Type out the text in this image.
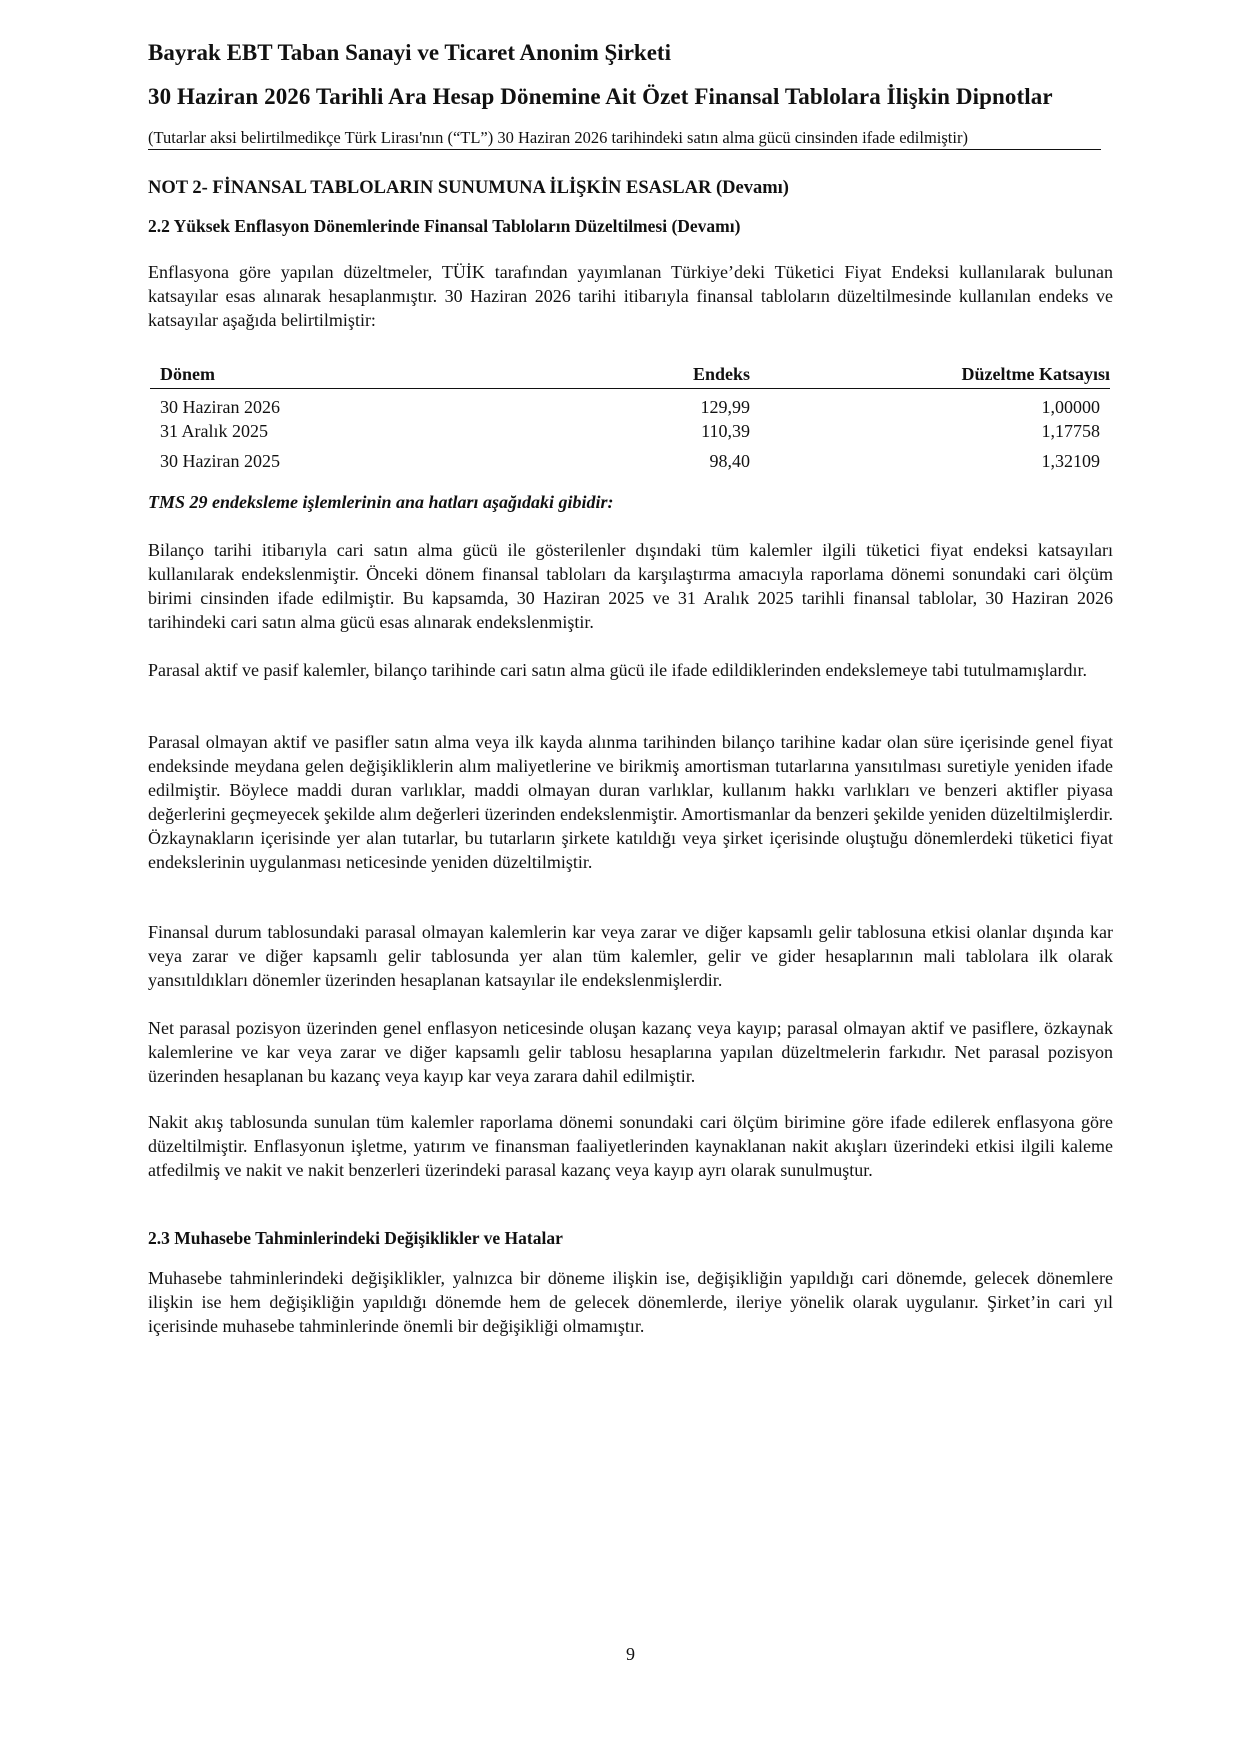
Bayrak EBT Taban Sanayi ve Ticaret Anonim Şirketi
30 Haziran 2026 Tarihli Ara Hesap Dönemine Ait Özet Finansal Tablolara İlişkin Dipnotlar
(Tutarlar aksi belirtilmedikçe Türk Lirası'nın (“TL”) 30 Haziran 2026 tarihindeki satın alma gücü cinsinden ifade edilmiştir)
NOT 2- FİNANSAL TABLOLARIN SUNUMUNA İLİŞKİN ESASLAR (Devamı)
2.2 Yüksek Enflasyon Dönemlerinde Finansal Tabloların Düzeltilmesi (Devamı)

Enflasyona göre yapılan düzeltmeler, TÜİK tarafından yayımlanan Türkiye’deki Tüketici Fiyat Endeksi kullanılarak bulunan katsayılar esas alınarak hesaplanmıştır. 30 Haziran 2026 tarihi itibarıyla finansal tabloların düzeltilmesinde kullanılan endeks ve katsayılar aşağıda belirtilmiştir:

Dönem	Endeks	Düzeltme Katsayısı
30 Haziran 2026	129,99	1,00000
31 Aralık 2025	110,39	1,17758
30 Haziran 2025	98,40	1,32109
TMS 29 endeksleme işlemlerinin ana hatları aşağıdaki gibidir:

Bilanço tarihi itibarıyla cari satın alma gücü ile gösterilenler dışındaki tüm kalemler ilgili tüketici fiyat endeksi katsayıları kullanılarak endekslenmiştir. Önceki dönem finansal tabloları da karşılaştırma amacıyla raporlama dönemi sonundaki cari ölçüm birimi cinsinden ifade edilmiştir. Bu kapsamda, 30 Haziran 2025 ve 31 Aralık 2025 tarihli finansal tablolar, 30 Haziran 2026 tarihindeki cari satın alma gücü esas alınarak endekslenmiştir.

Parasal aktif ve pasif kalemler, bilanço tarihinde cari satın alma gücü ile ifade edildiklerinden endekslemeye tabi tutulmamışlardır.

Parasal olmayan aktif ve pasifler satın alma veya ilk kayda alınma tarihinden bilanço tarihine kadar olan süre içerisinde genel fiyat endeksinde meydana gelen değişikliklerin alım maliyetlerine ve birikmiş amortisman tutarlarına yansıtılması suretiyle yeniden ifade edilmiştir. Böylece maddi duran varlıklar, maddi olmayan duran varlıklar, kullanım hakkı varlıkları ve benzeri aktifler piyasa değerlerini geçmeyecek şekilde alım değerleri üzerinden endekslenmiştir. Amortismanlar da benzeri şekilde yeniden düzeltilmişlerdir. Özkaynakların içerisinde yer alan tutarlar, bu tutarların şirkete katıldığı veya şirket içerisinde oluştuğu dönemlerdeki tüketici fiyat endekslerinin uygulanması neticesinde yeniden düzeltilmiştir.

Finansal durum tablosundaki parasal olmayan kalemlerin kar veya zarar ve diğer kapsamlı gelir tablosuna etkisi olanlar dışında kar veya zarar ve diğer kapsamlı gelir tablosunda yer alan tüm kalemler, gelir ve gider hesaplarının mali tablolara ilk olarak yansıtıldıkları dönemler üzerinden hesaplanan katsayılar ile endekslenmişlerdir.

Net parasal pozisyon üzerinden genel enflasyon neticesinde oluşan kazanç veya kayıp; parasal olmayan aktif ve pasiflere, özkaynak kalemlerine ve kar veya zarar ve diğer kapsamlı gelir tablosu hesaplarına yapılan düzeltmelerin farkıdır. Net parasal pozisyon üzerinden hesaplanan bu kazanç veya kayıp kar veya zarara dahil edilmiştir.

Nakit akış tablosunda sunulan tüm kalemler raporlama dönemi sonundaki cari ölçüm birimine göre ifade edilerek enflasyona göre düzeltilmiştir. Enflasyonun işletme, yatırım ve finansman faaliyetlerinden kaynaklanan nakit akışları üzerindeki etkisi ilgili kaleme atfedilmiş ve nakit ve nakit benzerleri üzerindeki parasal kazanç veya kayıp ayrı olarak sunulmuştur.

2.3 Muhasebe Tahminlerindeki Değişiklikler ve Hatalar

Muhasebe tahminlerindeki değişiklikler, yalnızca bir döneme ilişkin ise, değişikliğin yapıldığı cari dönemde, gelecek dönemlere ilişkin ise hem değişikliğin yapıldığı dönemde hem de gelecek dönemlerde, ileriye yönelik olarak uygulanır. Şirket’in cari yıl içerisinde muhasebe tahminlerinde önemli bir değişikliği olmamıştır.

9
